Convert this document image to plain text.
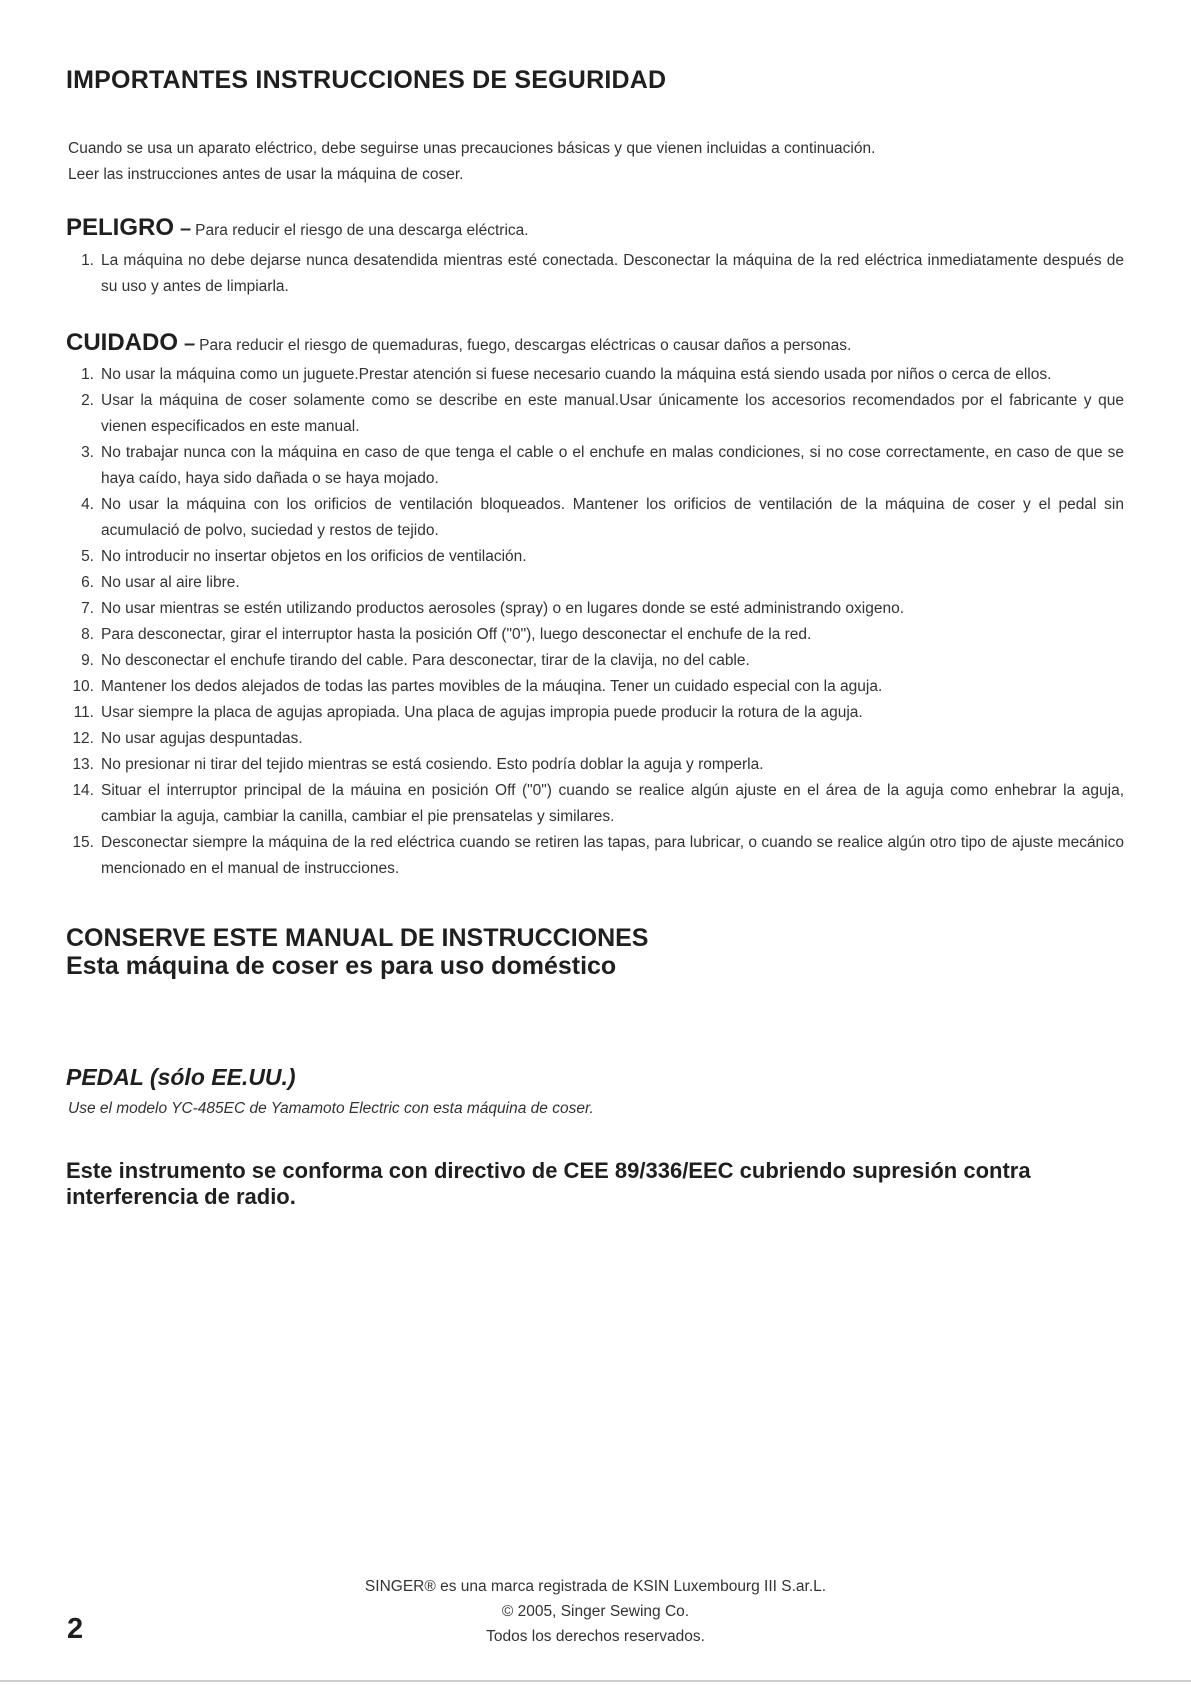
IMPORTANTES INSTRUCCIONES DE SEGURIDAD

Cuando se usa un aparato eléctrico, debe seguirse unas precauciones básicas y que vienen incluidas a continuación.

Leer las instrucciones antes de usar la máquina de coser.

PELIGRO – Para reducir el riesgo de una descarga eléctrica.
1. La máquina no debe dejarse nunca desatendida mientras esté conectada. Desconectar la máquina de la red eléctrica inmediatamente después de su uso y antes de limpiarla.
CUIDADO – Para reducir el riesgo de quemaduras, fuego, descargas eléctricas o causar daños a personas.
1. No usar la máquina como un juguete.Prestar atención si fuese necesario cuando la máquina está siendo usada por niños o cerca de ellos.
2. Usar la máquina de coser solamente como se describe en este manual.Usar únicamente los accesorios recomendados por el fabricante y que vienen especificados en este manual.
3. No trabajar nunca con la máquina en caso de que tenga el cable o el enchufe en malas condiciones, si no cose correctamente, en caso de que se haya caído, haya sido dañada o se haya mojado.
4. No usar la máquina con los orificios de ventilación bloqueados. Mantener los orificios de ventilación de la máquina de coser y el pedal sin acumulació de polvo, suciedad y restos de tejido.
5. No introducir no insertar objetos en los orificios de ventilación.
6. No usar al aire libre.
7. No usar mientras se estén utilizando productos aerosoles (spray) o en lugares donde se esté administrando oxigeno.
8. Para desconectar, girar el interruptor hasta la posición Off ("0"), luego desconectar el enchufe de la red.
9. No desconectar el enchufe tirando del cable. Para desconectar, tirar de la clavija, no del cable.
10. Mantener los dedos alejados de todas las partes movibles de la máuqina. Tener un cuidado especial con la aguja.
11. Usar siempre la placa de agujas apropiada. Una placa de agujas impropia puede producir la rotura de la aguja.
12. No usar agujas despuntadas.
13. No presionar ni tirar del tejido mientras se está cosiendo. Esto podría doblar la aguja y romperla.
14. Situar el interruptor principal de la máuina en posición Off ("0") cuando se realice algún ajuste en el área de la aguja como enhebrar la aguja, cambiar la aguja, cambiar la canilla, cambiar el pie prensatelas y similares.
15. Desconectar siempre la máquina de la red eléctrica cuando se retiren las tapas, para lubricar, o cuando se realice algún otro tipo de ajuste mecánico mencionado en el manual de instrucciones.
CONSERVE ESTE MANUAL DE INSTRUCCIONES
Esta máquina de coser es para uso doméstico
PEDAL (sólo EE.UU.)

Use el modelo YC-485EC de Yamamoto Electric con esta máquina de coser.

Este instrumento se conforma con directivo de CEE 89/336/EEC cubriendo supresión contra interferencia de radio.

SINGER® es una marca registrada de KSIN Luxembourg III S.ar.L.
© 2005, Singer Sewing Co.
Todos los derechos reservados.
2
